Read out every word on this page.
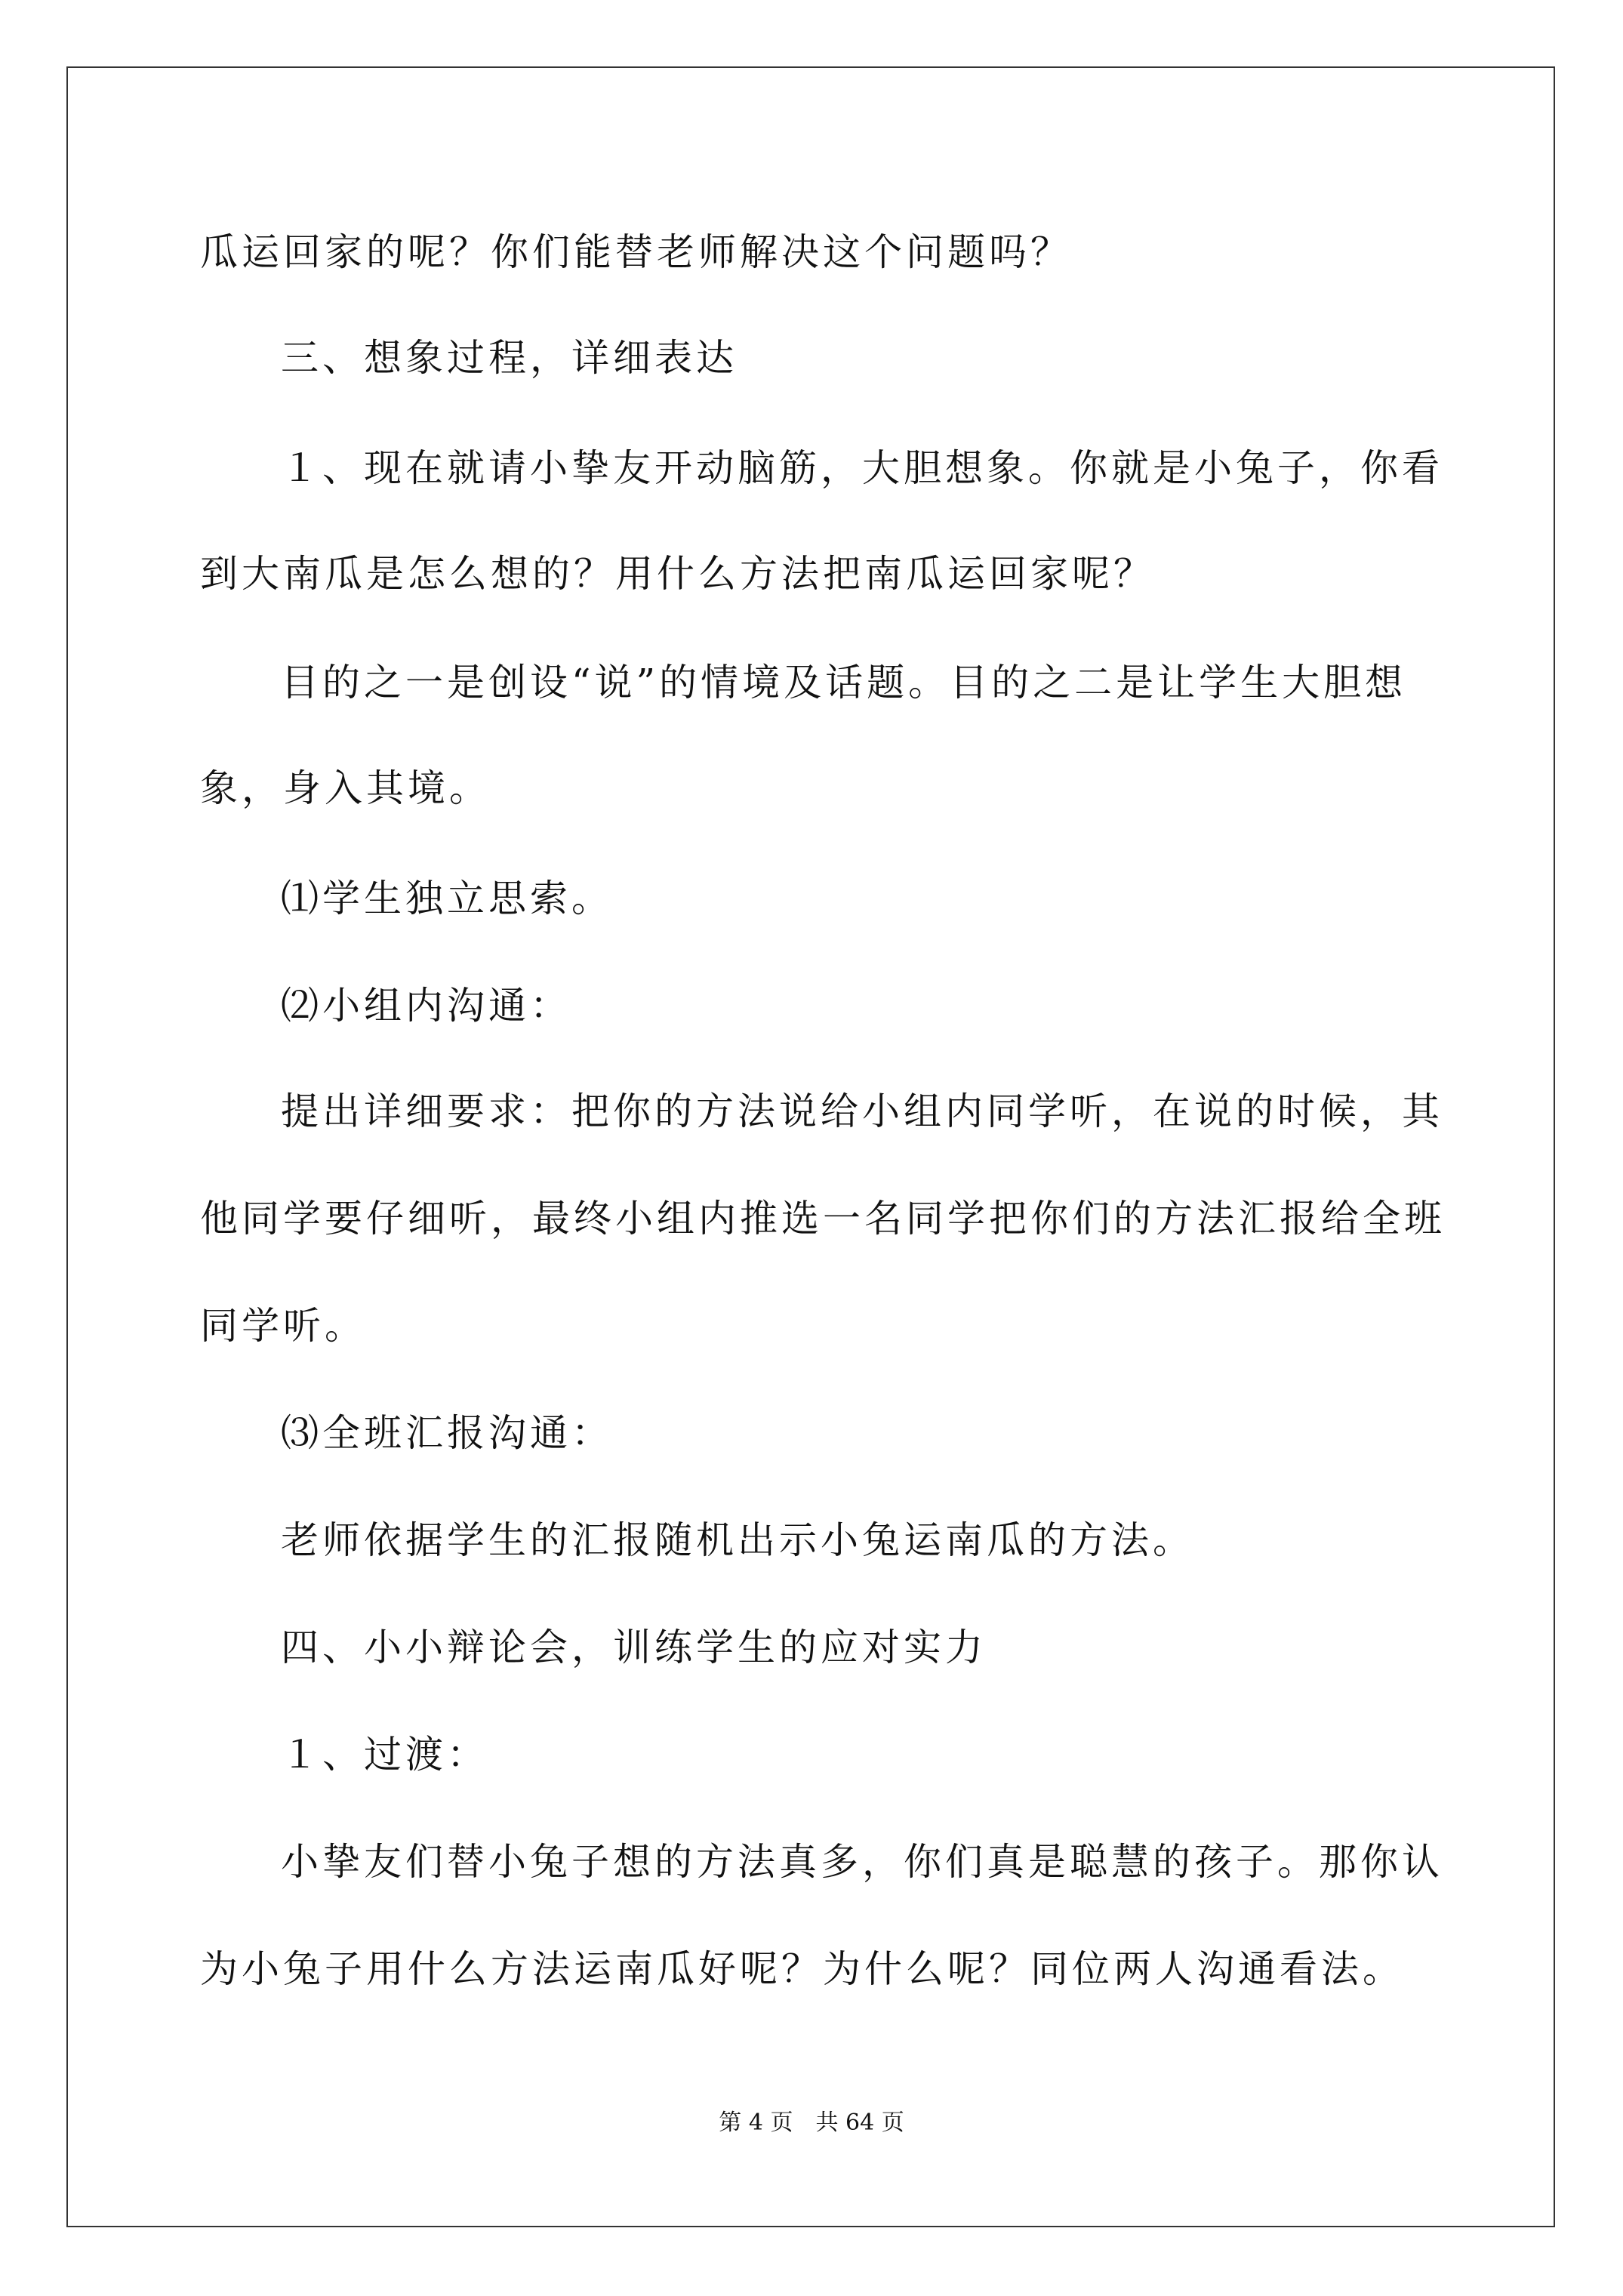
瓜运回家的呢？你们能替老师解决这个问题吗？
三、想象过程，详细表达
１、现在就请小挚友开动脑筋，大胆想象。你就是小兔子，你看
到大南瓜是怎么想的？用什么方法把南瓜运回家呢？
目的之一是创设“说”的情境及话题。目的之二是让学生大胆想
象，身入其境。
⑴学生独立思索。
⑵小组内沟通：
提出详细要求：把你的方法说给小组内同学听，在说的时候，其
他同学要仔细听，最终小组内推选一名同学把你们的方法汇报给全班
同学听。
⑶全班汇报沟通：
老师依据学生的汇报随机出示小兔运南瓜的方法。
四、小小辩论会，训练学生的应对实力
１、过渡：
小挚友们替小兔子想的方法真多，你们真是聪慧的孩子。那你认
为小兔子用什么方法运南瓜好呢？为什么呢？同位两人沟通看法。
第 4 页　共 64 页
